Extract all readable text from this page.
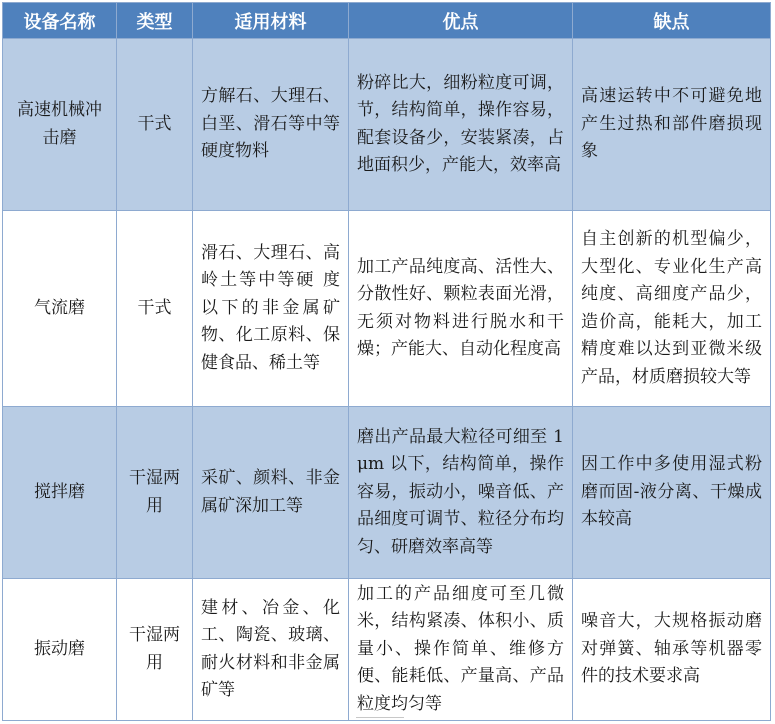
设备名称	类型	适用材料	优点	缺点
高速机械冲击磨	干式	方解石、大理石、白垩、滑石等中等硬度物料	粉碎比大，细粉粒度可调，节，结构简单，操作容易，配套设备少，安装紧凑，占地面积少，产能大，效率高	高速运转中不可避免地产生过热和部件磨损现象
气流磨	干式	滑石、大理石、高岭土等中等硬 度以下的非金属矿物、化工原料、保健食品、稀土等	加工产品纯度高、活性大、分散性好、颗粒表面光滑，无须对物料进行脱水和干燥；产能大、自动化程度高	自主创新的机型偏少，大型化、专业化生产高纯度、高细度产品少，造价高，能耗大，加工精度难以达到亚微米级产品，材质磨损较大等
搅拌磨	干湿两用	采矿、颜料、非金属矿深加工等	磨出产品最大粒径可细至 1 μm 以下，结构简单，操作容易，振动小，噪音低、产品细度可调节、粒径分布均匀、研磨效率高等	因工作中多使用湿式粉磨而固-液分离、干燥成本较高
振动磨	干湿两用	建材、冶金、化工、陶瓷、玻璃、耐火材料和非金属矿等	加工的产品细度可至几微米，结构紧凑、体积小、质量小、操作简单、维修方便、能耗低、产量高、产品粒度均匀等	噪音大，大规格振动磨对弹簧、轴承等机器零件的技术要求高
